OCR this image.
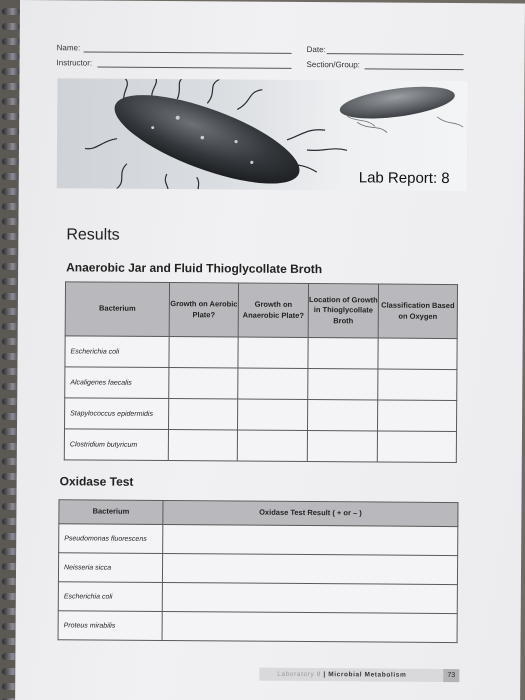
Name:	Date:
Instructor:	Section/Group:
Lab Report: 8
Results
Anaerobic Jar and Fluid Thioglycollate Broth
Bacterium	Growth on Aerobic Plate?	Growth on Anaerobic Plate?	Location of Growth in Thioglycollate Broth	Classification Based on Oxygen
Escherichia coli				
Alcaligenes faecalis				
Stapylococcus epidermidis				
Clostridium butyricum				
Oxidase Test
Bacterium	Oxidase Test Result ( + or – )
Pseudomonas fluorescens	
Neisseria sicca	
Escherichia coli	
Proteus mirabilis	
Laboratory 8 | Microbial Metabolism	73
